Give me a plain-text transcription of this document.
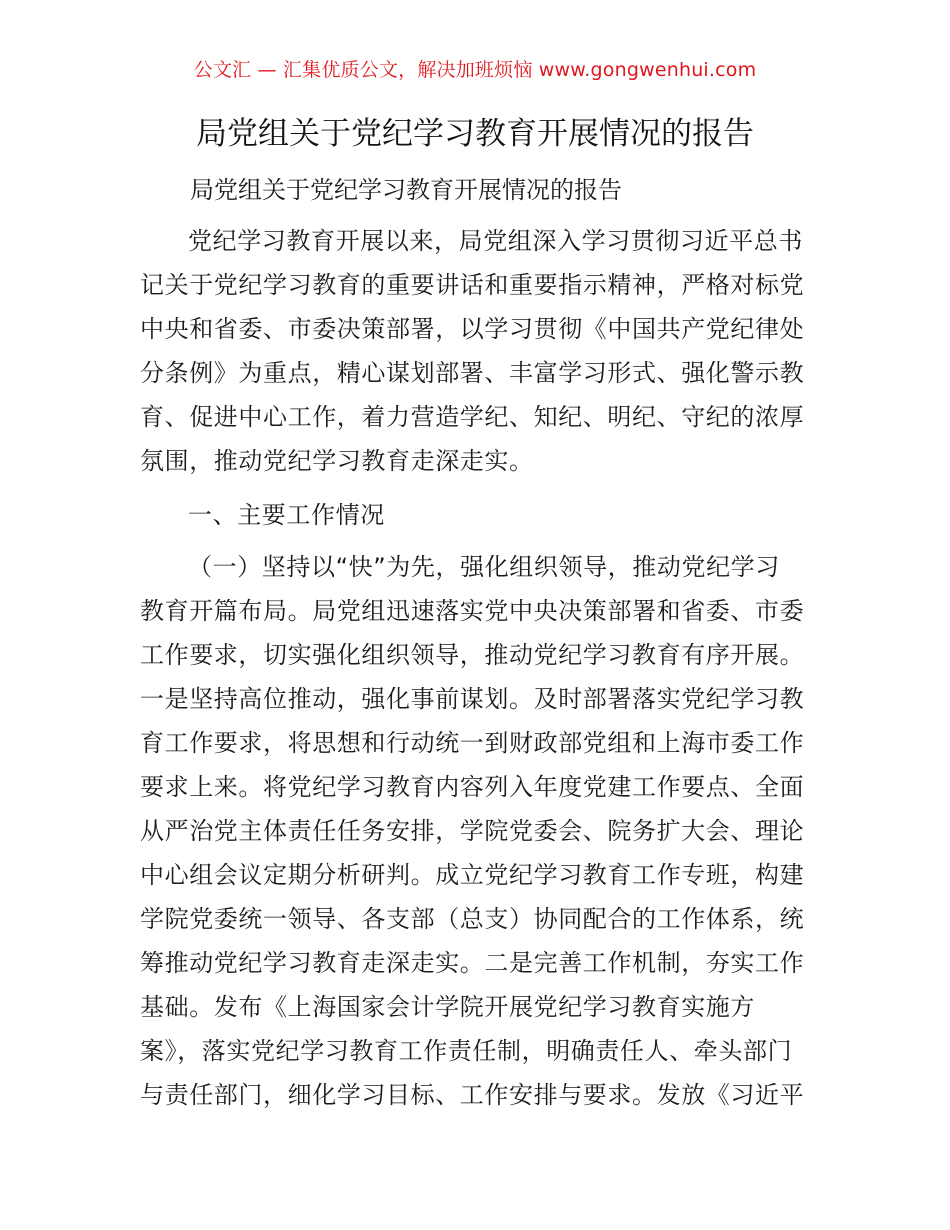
公文汇 — 汇集优质公文，解决加班烦恼 www.gongwenhui.com
局党组关于党纪学习教育开展情况的报告
局党组关于党纪学习教育开展情况的报告
党纪学习教育开展以来，局党组深入学习贯彻习近平总书
记关于党纪学习教育的重要讲话和重要指示精神，严格对标党
中央和省委、市委决策部署，以学习贯彻《中国共产党纪律处
分条例》为重点，精心谋划部署、丰富学习形式、强化警示教
育、促进中心工作，着力营造学纪、知纪、明纪、守纪的浓厚
氛围，推动党纪学习教育走深走实。
一、主要工作情况
（一）坚持以“快”为先，强化组织领导，推动党纪学习
教育开篇布局。局党组迅速落实党中央决策部署和省委、市委
工作要求，切实强化组织领导，推动党纪学习教育有序开展。
一是坚持高位推动，强化事前谋划。及时部署落实党纪学习教
育工作要求，将思想和行动统一到财政部党组和上海市委工作
要求上来。将党纪学习教育内容列入年度党建工作要点、全面
从严治党主体责任任务安排，学院党委会、院务扩大会、理论
中心组会议定期分析研判。成立党纪学习教育工作专班，构建
学院党委统一领导、各支部（总支）协同配合的工作体系，统
筹推动党纪学习教育走深走实。二是完善工作机制，夯实工作
基础。发布《上海国家会计学院开展党纪学习教育实施方
案》，落实党纪学习教育工作责任制，明确责任人、牵头部门
与责任部门，细化学习目标、工作安排与要求。发放《习近平
